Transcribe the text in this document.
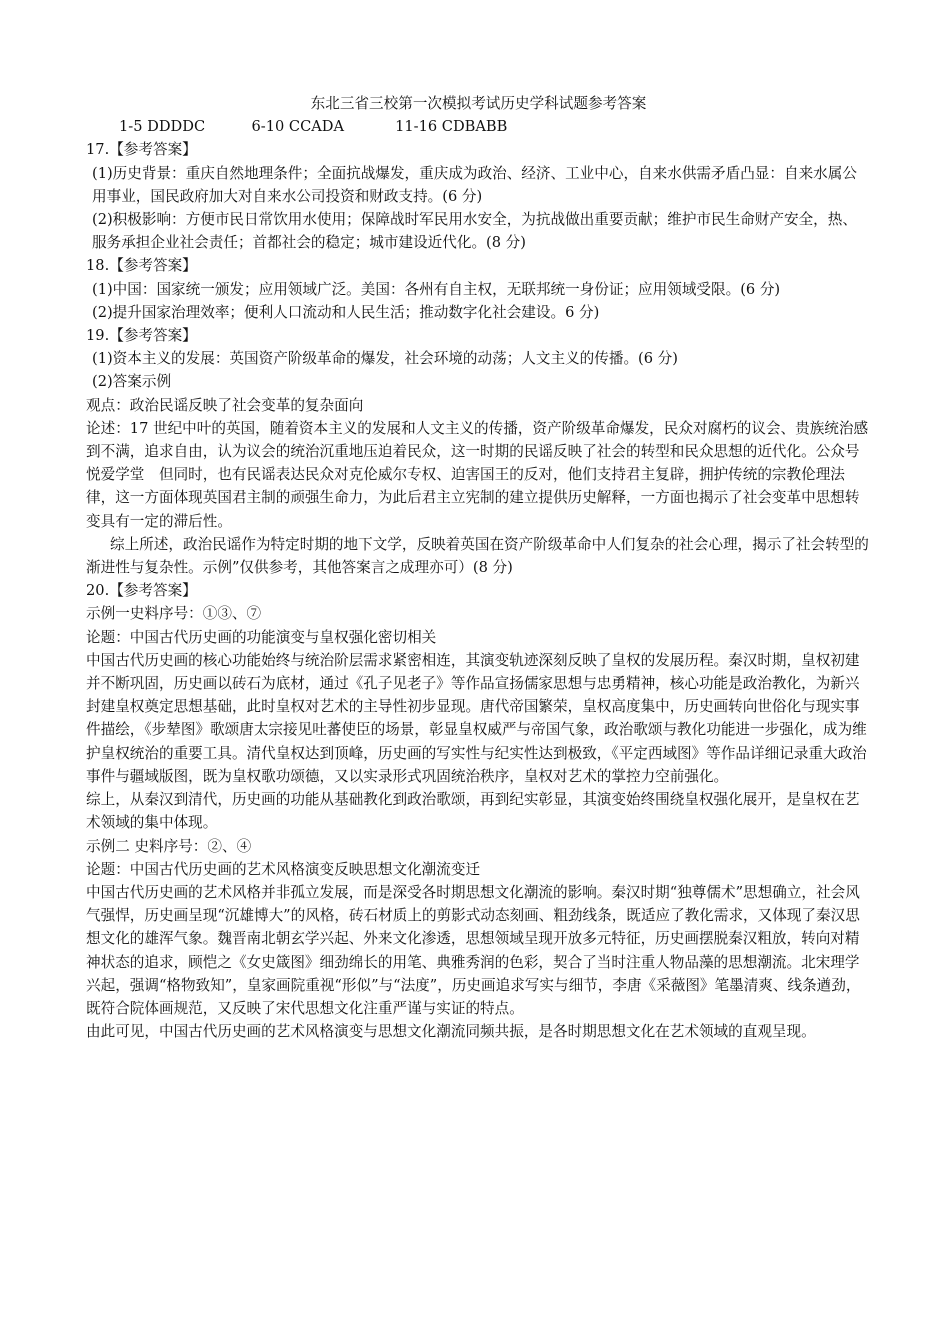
东北三省三校第一次模拟考试历史学科试题参考答案

1-5 DDDDC	6-10 CCADA	11-16 CDBABB

17.【参考答案】

(1)历史背景：重庆自然地理条件；全面抗战爆发，重庆成为政治、经济、工业中心，自来水供需矛盾凸显：自来水属公用事业，国民政府加大对自来水公司投资和财政支持。(6 分)

(2)积极影响：方便市民日常饮用水使用；保障战时军民用水安全，为抗战做出重要贡献；维护市民生命财产安全，热、服务承担企业社会责任；首都社会的稳定；城市建设近代化。(8 分)

18.【参考答案】

(1)中国：国家统一颁发；应用领域广泛。美国：各州有自主权，无联邦统一身份证；应用领域受限。(6 分)

(2)提升国家治理效率；便利人口流动和人民生活；推动数字化社会建设。6 分)

19.【参考答案】

(1)资本主义的发展：英国资产阶级革命的爆发，社会环境的动荡；人文主义的传播。(6 分)

(2)答案示例

观点：政治民谣反映了社会变革的复杂面向

论述：17 世纪中叶的英国，随着资本主义的发展和人文主义的传播，资产阶级革命爆发，民众对腐朽的议会、贵族统治感到不满，追求自由，认为议会的统治沉重地压迫着民众，这一时期的民谣反映了社会的转型和民众思想的近代化。公众号悦爱学堂　但同时，也有民谣表达民众对克伦威尔专权、迫害国王的反对，他们支持君主复辟，拥护传统的宗教伦理法律，这一方面体现英国君主制的顽强生命力，为此后君主立宪制的建立提供历史解释，一方面也揭示了社会变革中思想转变具有一定的滞后性。

综上所述，政治民谣作为特定时期的地下文学，反映着英国在资产阶级革命中人们复杂的社会心理，揭示了社会转型的渐进性与复杂性。示例”仅供参考，其他答案言之成理亦可）(8 分)

20.【参考答案】

示例一史料序号：①③、⑦

论题：中国古代历史画的功能演变与皇权强化密切相关

中国古代历史画的核心功能始终与统治阶层需求紧密相连，其演变轨迹深刻反映了皇权的发展历程。秦汉时期，皇权初建并不断巩固，历史画以砖石为底材，通过《孔子见老子》等作品宣扬儒家思想与忠勇精神，核心功能是政治教化，为新兴封建皇权奠定思想基础，此时皇权对艺术的主导性初步显现。唐代帝国繁荣，皇权高度集中，历史画转向世俗化与现实事件描绘，《步辇图》歌颂唐太宗接见吐蕃使臣的场景，彰显皇权威严与帝国气象，政治歌颂与教化功能进一步强化，成为维护皇权统治的重要工具。清代皇权达到顶峰，历史画的写实性与纪实性达到极致，《平定西域图》等作品详细记录重大政治事件与疆域版图，既为皇权歌功颂德，又以实录形式巩固统治秩序，皇权对艺术的掌控力空前强化。

综上，从秦汉到清代，历史画的功能从基础教化到政治歌颂，再到纪实彰显，其演变始终围绕皇权强化展开，是皇权在艺术领域的集中体现。

示例二 史料序号：②、④

论题：中国古代历史画的艺术风格演变反映思想文化潮流变迁

中国古代历史画的艺术风格并非孤立发展，而是深受各时期思想文化潮流的影响。秦汉时期“独尊儒术”思想确立，社会风气强悍，历史画呈现“沉雄博大”的风格，砖石材质上的剪影式动态刻画、粗劲线条，既适应了教化需求，又体现了秦汉思想文化的雄浑气象。魏晋南北朝玄学兴起、外来文化渗透，思想领域呈现开放多元特征，历史画摆脱秦汉粗放，转向对精神状态的追求，顾恺之《女史箴图》细劲绵长的用笔、典雅秀润的色彩，契合了当时注重人物品藻的思想潮流。北宋理学兴起，强调“格物致知”，皇家画院重视“形似”与“法度”，历史画追求写实与细节，李唐《采薇图》笔墨清爽、线条遒劲，既符合院体画规范，又反映了宋代思想文化注重严谨与实证的特点。

由此可见，中国古代历史画的艺术风格演变与思想文化潮流同频共振，是各时期思想文化在艺术领域的直观呈现。
